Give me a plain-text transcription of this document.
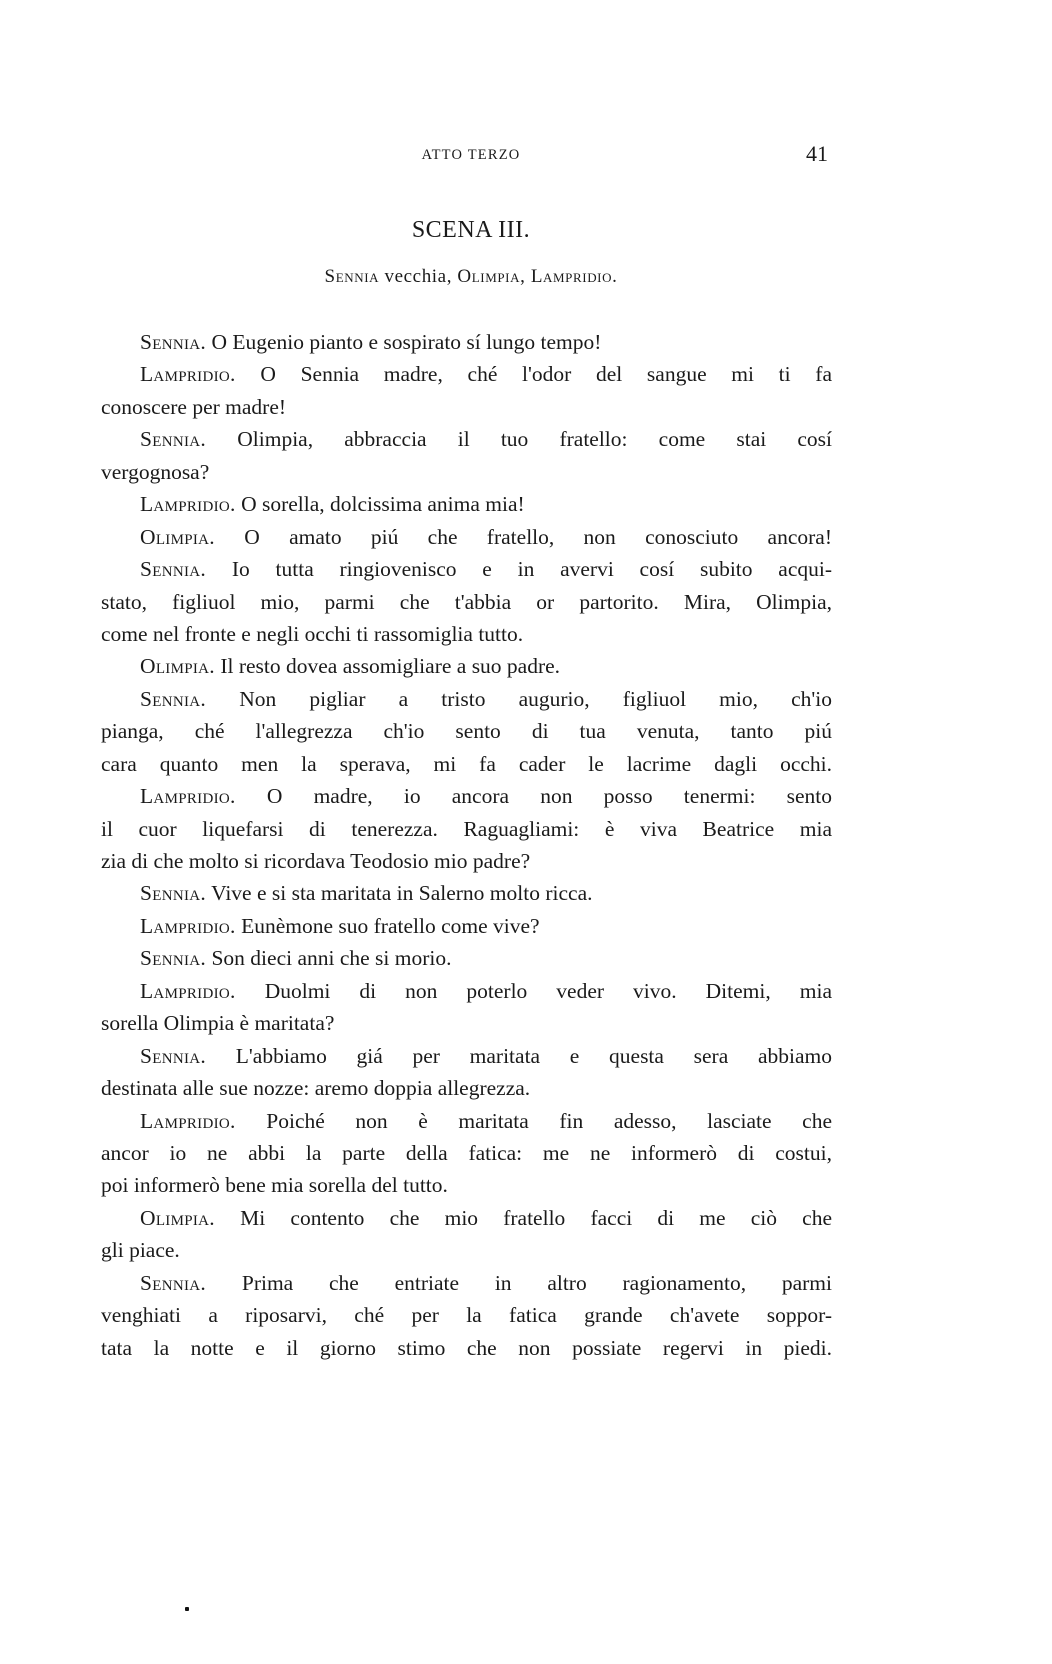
ATTO TERZO	41
SCENA III.
Sennia vecchia, Olimpia, Lampridio.
Sennia. O Eugenio pianto e sospirato sí lungo tempo!
Lampridio. O Sennia madre, ché l'odor del sangue mi ti fa
conoscere per madre!
Sennia. Olimpia, abbraccia il tuo fratello: come stai cosí
vergognosa?
Lampridio. O sorella, dolcissima anima mia!
Olimpia. O amato piú che fratello, non conosciuto ancora!
Sennia. Io tutta ringiovenisco e in avervi cosí subito acqui-
stato, figliuol mio, parmi che t'abbia or partorito. Mira, Olimpia,
come nel fronte e negli occhi ti rassomiglia tutto.
Olimpia. Il resto dovea assomigliare a suo padre.
Sennia. Non pigliar a tristo augurio, figliuol mio, ch'io
pianga, ché l'allegrezza ch'io sento di tua venuta, tanto piú
cara quanto men la sperava, mi fa cader le lacrime dagli occhi.
Lampridio. O madre, io ancora non posso tenermi: sento
il cuor liquefarsi di tenerezza. Raguagliami: è viva Beatrice mia
zia di che molto si ricordava Teodosio mio padre?
Sennia. Vive e si sta maritata in Salerno molto ricca.
Lampridio. Eunèmone suo fratello come vive?
Sennia. Son dieci anni che si morio.
Lampridio. Duolmi di non poterlo veder vivo. Ditemi, mia
sorella Olimpia è maritata?
Sennia. L'abbiamo giá per maritata e questa sera abbiamo
destinata alle sue nozze: aremo doppia allegrezza.
Lampridio. Poiché non è maritata fin adesso, lasciate che
ancor io ne abbi la parte della fatica: me ne informerò di costui,
poi informerò bene mia sorella del tutto.
Olimpia. Mi contento che mio fratello facci di me ciò che
gli piace.
Sennia. Prima che entriate in altro ragionamento, parmi
venghiati a riposarvi, ché per la fatica grande ch'avete soppor-
tata la notte e il giorno stimo che non possiate regervi in piedi.
